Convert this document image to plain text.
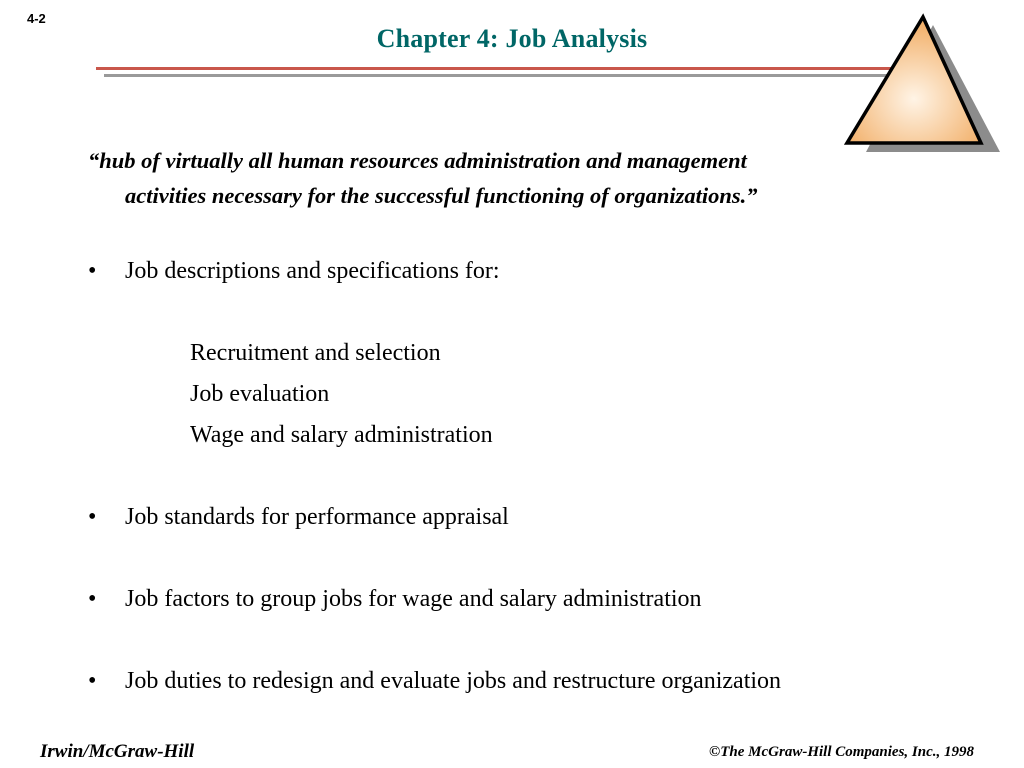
4-2
Chapter 4: Job Analysis
“hub of virtually all human resources administration and management
activities necessary for the successful functioning of organizations.”
• Job descriptions and specifications for:
Recruitment and selection
Job evaluation
Wage and salary administration
• Job standards for performance appraisal
• Job factors to group jobs for wage and salary administration
• Job duties to redesign and evaluate jobs and restructure organization
Irwin/McGraw-Hill	©The McGraw-Hill Companies, Inc., 1998
